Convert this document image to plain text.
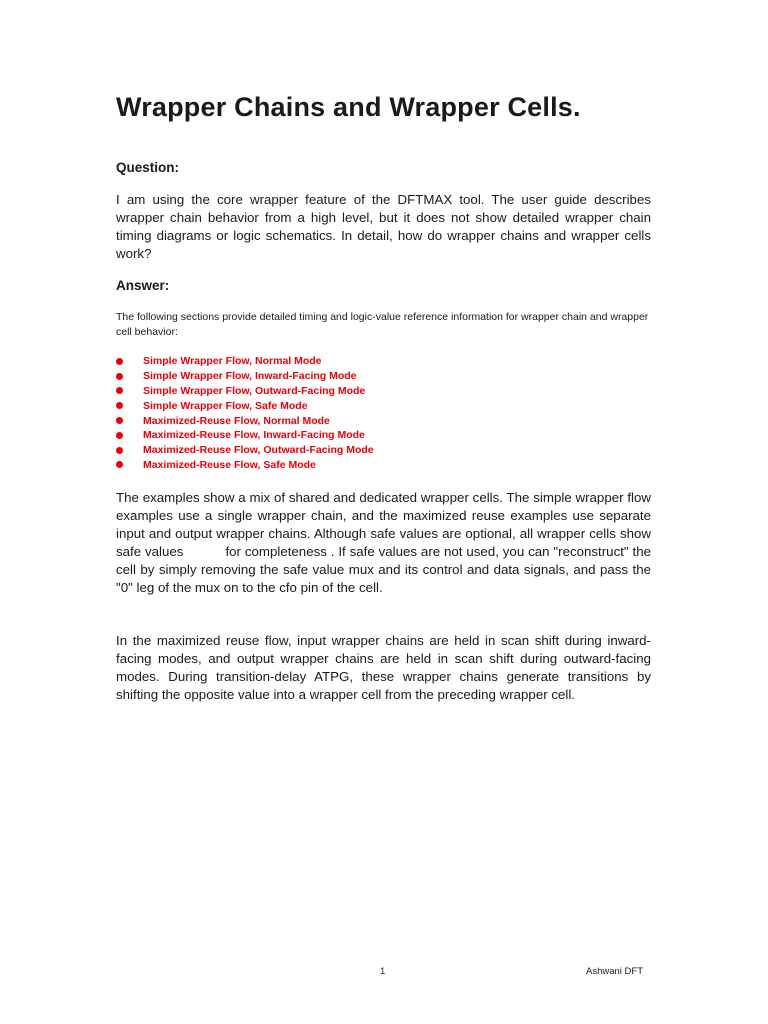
Wrapper Chains and Wrapper Cells.

Question:

I am using the core wrapper feature of the DFTMAX tool. The user guide describes wrapper chain behavior from a high level, but it does not show detailed wrapper chain timing diagrams or logic schematics. In detail, how do wrapper chains and wrapper cells work?

Answer:

The following sections provide detailed timing and logic-value reference information for wrapper chain and wrapper cell behavior:

Simple Wrapper Flow, Normal Mode
Simple Wrapper Flow, Inward-Facing Mode
Simple Wrapper Flow, Outward-Facing Mode
Simple Wrapper Flow, Safe Mode
Maximized-Reuse Flow, Normal Mode
Maximized-Reuse Flow, Inward-Facing Mode
Maximized-Reuse Flow, Outward-Facing Mode
Maximized-Reuse Flow, Safe Mode

The examples show a mix of shared and dedicated wrapper cells. The simple wrapper flow examples use a single wrapper chain, and the maximized reuse examples use separate input and output wrapper chains. Although safe values are optional, all wrapper cells show safe values	for completeness . If safe values are not used, you can "reconstruct" the cell by simply removing the safe value mux and its control and data signals, and pass the "0" leg of the mux on to the cfo pin of the cell.

In the maximized reuse flow, input wrapper chains are held in scan shift during inward-facing modes, and output wrapper chains are held in scan shift during outward-facing modes. During transition-delay ATPG, these wrapper chains generate transitions by shifting the opposite value into a wrapper cell from the preceding wrapper cell.

1	Ashwani DFT
